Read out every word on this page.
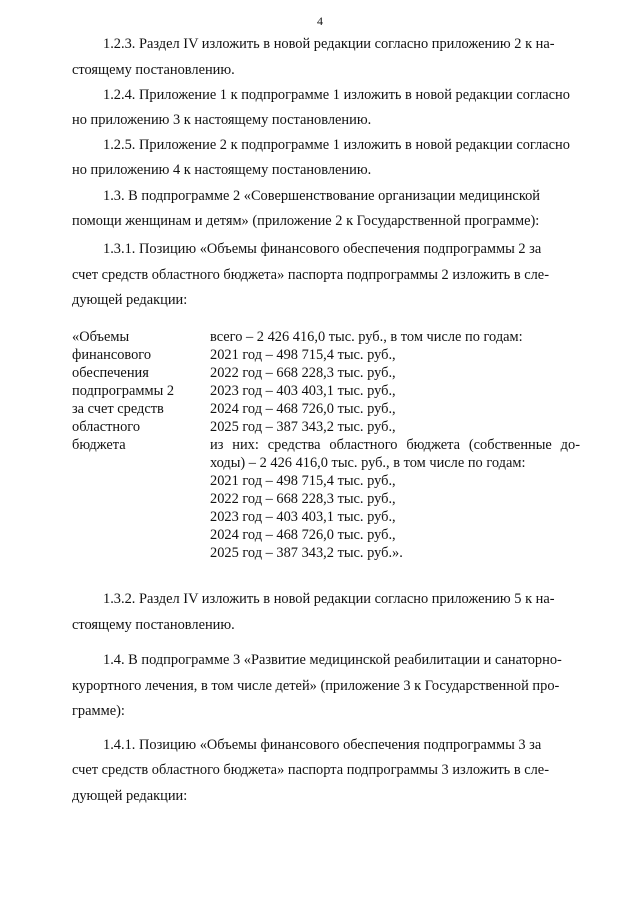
4
1.2.3. Раздел IV изложить в новой редакции согласно приложению 2 к на-
стоящему постановлению.
1.2.4. Приложение 1 к подпрограмме 1 изложить в новой редакции согласно
но приложению 3 к настоящему постановлению.
1.2.5. Приложение 2 к подпрограмме 1 изложить в новой редакции согласно
но приложению 4 к настоящему постановлению.
1.3. В подпрограмме 2 «Совершенствование организации медицинской
помощи женщинам и детям» (приложение 2 к Государственной программе):
1.3.1. Позицию «Объемы финансового обеспечения подпрограммы 2 за
счет средств областного бюджета» паспорта подпрограммы 2 изложить в сле-
дующей редакции:
«Объемы
финансового
обеспечения
подпрограммы 2
за счет средств
областного
бюджета
всего – 2 426 416,0 тыс. руб., в том числе по годам:
2021 год – 498 715,4 тыс. руб.,
2022 год – 668 228,3 тыс. руб.,
2023 год – 403 403,1 тыс. руб.,
2024 год – 468 726,0 тыс. руб.,
2025 год – 387 343,2 тыс. руб.,
из них: средства областного бюджета (собственные до-
ходы) – 2 426 416,0 тыс. руб., в том числе по годам:
2021 год – 498 715,4 тыс. руб.,
2022 год – 668 228,3 тыс. руб.,
2023 год – 403 403,1 тыс. руб.,
2024 год – 468 726,0 тыс. руб.,
2025 год – 387 343,2 тыс. руб.».
1.3.2. Раздел IV изложить в новой редакции согласно приложению 5 к на-
стоящему постановлению.
1.4. В подпрограмме 3 «Развитие медицинской реабилитации и санаторно-
курортного лечения, в том числе детей» (приложение 3 к Государственной про-
грамме):
1.4.1. Позицию «Объемы финансового обеспечения подпрограммы 3 за
счет средств областного бюджета» паспорта подпрограммы 3 изложить в сле-
дующей редакции:
